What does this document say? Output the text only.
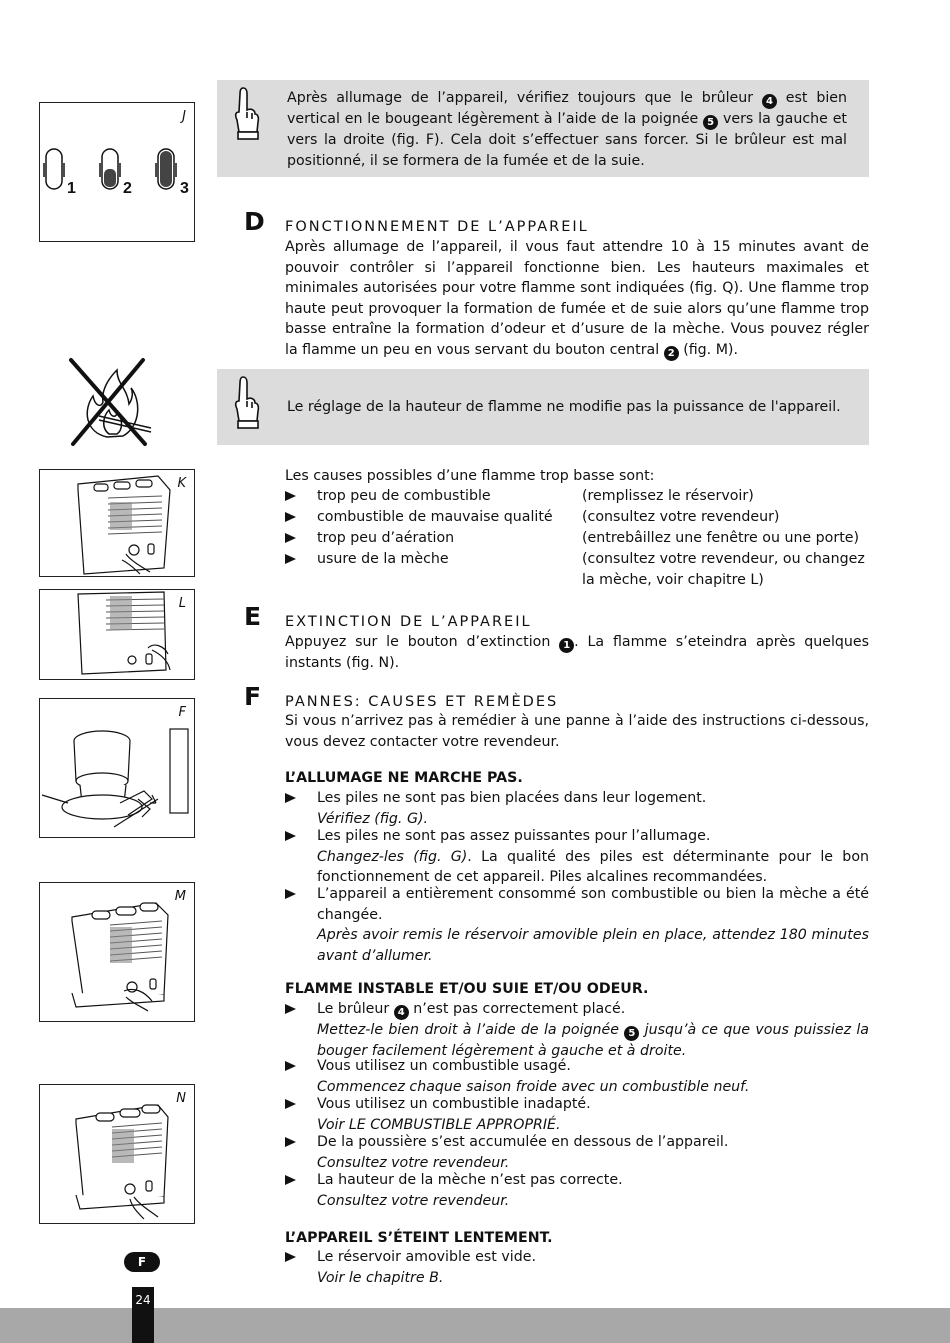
J
1	2	3
K
L
F
M
N
Après allumage de l’appareil, vérifiez toujours que le brûleur 4 est bien vertical en le bougeant légèrement à l’aide de la poignée 5 vers la gauche et vers la droite (fig. F). Cela doit s’effectuer sans forcer. Si le brûleur est mal positionné, il se formera de la fumée et de la suie.
D FONCTIONNEMENT DE L’APPAREIL
Après allumage de l’appareil, il vous faut attendre 10 à 15 minutes avant de pouvoir contrôler si l’appareil fonctionne bien. Les hauteurs maximales et minimales autorisées pour votre flamme sont indiquées (fig. Q). Une flamme trop haute peut provoquer la formation de fumée et de suie alors qu’une flamme trop basse entraîne la formation d’odeur et d’usure de la mèche. Vous pouvez régler la flamme un peu en vous servant du bouton central 2 (fig. M).
Le réglage de la hauteur de flamme ne modifie pas la puissance de l'appareil.
Les causes possibles d’une flamme trop basse sont:
trop peu de combustible	(remplissez le réservoir)
combustible de mauvaise qualité (consultez votre revendeur)
trop peu d’aération	(entrebâillez une fenêtre ou une porte)
usure de la mèche	(consultez votre revendeur, ou changez la mèche, voir chapitre L)
E EXTINCTION DE L’APPAREIL
Appuyez sur le bouton d’extinction 1 . La flamme s’eteindra après quelques instants (fig. N).
F PANNES: CAUSES ET REMÈDES
Si vous n’arrivez pas à remédier à une panne à l’aide des instructions ci-dessous, vous devez contacter votre revendeur.
L’ALLUMAGE NE MARCHE PAS.
Les piles ne sont pas bien placées dans leur logement.
Vérifiez (fig. G).
Les piles ne sont pas assez puissantes pour l’allumage.
Changez-les (fig. G). La qualité des piles est déterminante pour le bon fonctionnement de cet appareil. Piles alcalines recommandées.
L’appareil a entièrement consommé son combustible ou bien la mèche a été changée.
Après avoir remis le réservoir amovible plein en place, attendez 180 minutes avant d’allumer.
FLAMME INSTABLE ET/OU SUIE ET/OU ODEUR.
Le brûleur 4 n’est pas correctement placé.
Mettez-le bien droit à l’aide de la poignée 5 jusqu’à ce que vous puissiez la bouger facilement légèrement à gauche et à droite.
Vous utilisez un combustible usagé.
Commencez chaque saison froide avec un combustible neuf.
Vous utilisez un combustible inadapté.
Voir LE COMBUSTIBLE APPROPRIÉ.
De la poussière s’est accumulée en dessous de l’appareil.
Consultez votre revendeur.
La hauteur de la mèche n’est pas correcte.
Consultez votre revendeur.
L’APPAREIL S’ÉTEINT LENTEMENT.
Le réservoir amovible est vide.
Voir le chapitre B.
F
24
